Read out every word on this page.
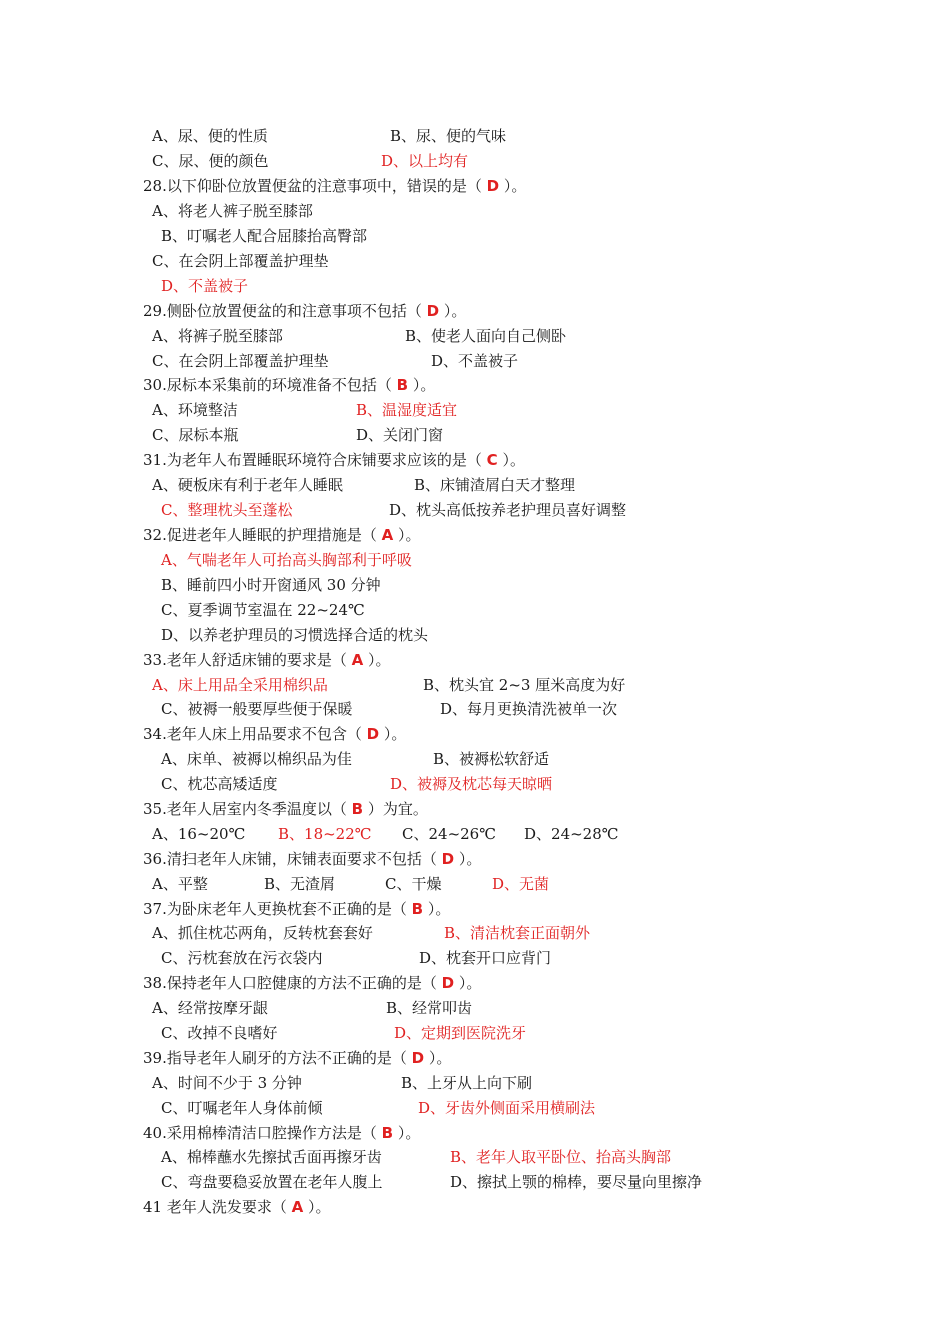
A、尿、便的性质	B、尿、便的气味
C、尿、便的颜色	D、以上均有
28.以下仰卧位放置便盆的注意事项中，错误的是（ D ）。
A、将老人裤子脱至膝部
B、叮嘱老人配合屈膝抬高臀部
C、在会阴上部覆盖护理垫
D、不盖被子
29.侧卧位放置便盆的和注意事项不包括（ D ）。
A、将裤子脱至膝部	B、使老人面向自己侧卧
C、在会阴上部覆盖护理垫	D、不盖被子
30.尿标本采集前的环境准备不包括（ B ）。
A、环境整洁	B、温湿度适宜
C、尿标本瓶	D、关闭门窗
31.为老年人布置睡眠环境符合床铺要求应该的是（ C ）。
A、硬板床有利于老年人睡眠	B、床铺渣屑白天才整理
C、整理枕头至蓬松	D、枕头高低按养老护理员喜好调整
32.促进老年人睡眠的护理措施是（ A ）。
A、气喘老年人可抬高头胸部利于呼吸
B、睡前四小时开窗通风 30 分钟
C、夏季调节室温在 22~24℃
D、以养老护理员的习惯选择合适的枕头
33.老年人舒适床铺的要求是（ A ）。
A、床上用品全采用棉织品	B、枕头宜 2~3 厘米高度为好
C、被褥一般要厚些便于保暖	D、每月更换清洗被单一次
34.老年人床上用品要求不包含（ D ）。
A、床单、被褥以棉织品为佳	B、被褥松软舒适
C、枕芯高矮适度	D、被褥及枕芯每天晾晒
35.老年人居室内冬季温度以（ B ）为宜。
A、16~20℃ B、18~22℃ C、24~26℃ D、24~28℃
36.清扫老年人床铺，床铺表面要求不包括（ D ）。
A、平整	B、无渣屑	C、干燥	D、无菌
37.为卧床老年人更换枕套不正确的是（ B ）。
A、抓住枕芯两角，反转枕套套好	B、清洁枕套正面朝外
C、污枕套放在污衣袋内	D、枕套开口应背门
38.保持老年人口腔健康的方法不正确的是（ D ）。
A、经常按摩牙龈	B、经常叩齿
C、改掉不良嗜好	D、定期到医院洗牙
39.指导老年人刷牙的方法不正确的是（ D ）。
A、时间不少于 3 分钟	B、上牙从上向下刷
C、叮嘱老年人身体前倾	D、牙齿外侧面采用横刷法
40.采用棉棒清洁口腔操作方法是（ B ）。
A、棉棒蘸水先擦拭舌面再擦牙齿	B、老年人取平卧位、抬高头胸部
C、弯盘要稳妥放置在老年人腹上	D、擦拭上颚的棉棒，要尽量向里擦净
41 老年人洗发要求（ A ）。
